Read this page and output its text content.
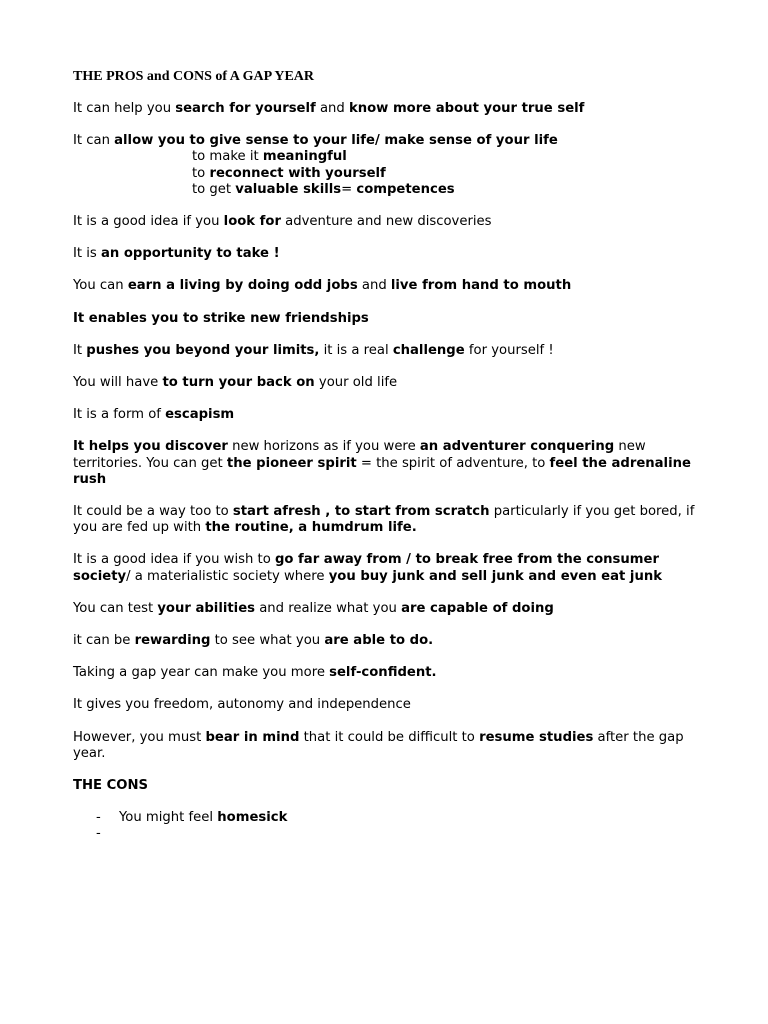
THE PROS and CONS of A GAP YEAR

It can help you search for yourself and know more about your true self

It can allow you to give sense to your life/ make sense of your life

to make it meaningful

to reconnect with yourself

to get valuable skills= competences

It is a good idea if you look for adventure and new discoveries

It is an opportunity to take !

You can earn a living by doing odd jobs and live from hand to mouth

It enables you to strike new friendships

It pushes you beyond your limits, it is a real challenge for yourself !

You will have to turn your back on your old life

It is a form of escapism

It helps you discover new horizons as if you were an adventurer conquering new territories. You can get the pioneer spirit = the spirit of adventure, to feel the adrenaline rush

It could be a way too to start afresh , to start from scratch particularly if you get bored, if you are fed up with the routine, a humdrum life.

It is a good idea if you wish to go far away from / to break free from the consumer society/ a materialistic society where you buy junk and sell junk and even eat junk

You can test your abilities and realize what you are capable of doing

it can be rewarding to see what you are able to do.

Taking a gap year can make you more self-confident.

It gives you freedom, autonomy and independence

However, you must bear in mind that it could be difficult to resume studies after the gap year.

THE CONS

- You might feel homesick
-
